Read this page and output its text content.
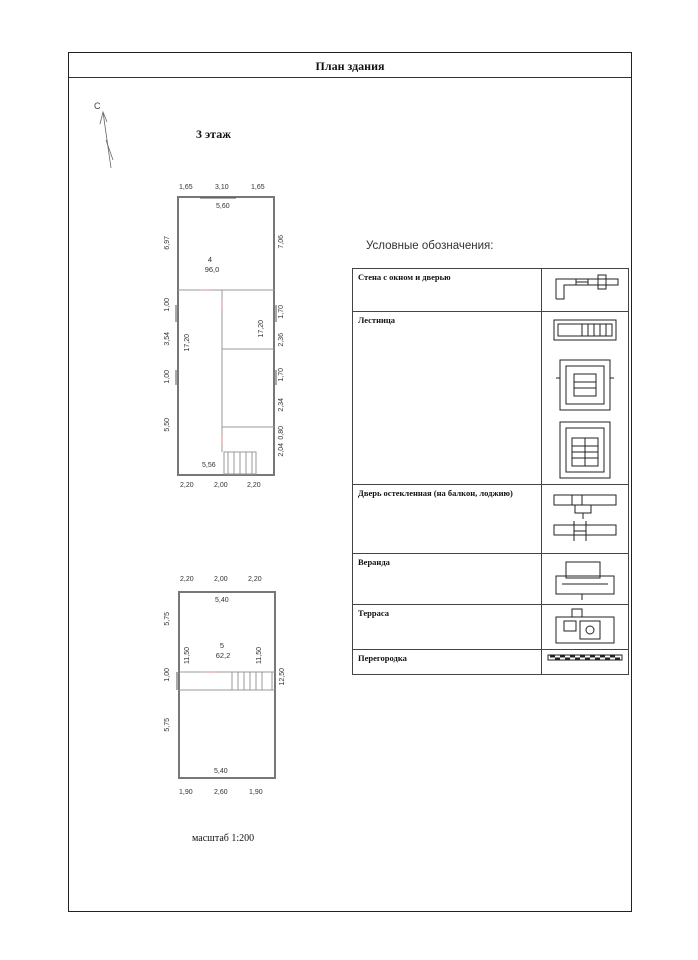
План здания
С
3 этаж
1,65	3,10	1,65
5,60
6,97
1,00
3,54
1,00
5,50
17,20
7,06
1,70
2,36
1,70
2,34
0,80
2,04
17,20
4
96,0
5,56
2,20	2,00	2,20
2,20	2,00	2,20
5,40
5,75
1,00
5,75
11,50	11,50
12,50
5
62,2
5,40
1,90	2,60	1,90
Условные обозначения:
Стена с окном и дверью	

Лестница	

Дверь остекленная (на балкон, лоджию)	

Веранда	

Терраса	

Перегородка	
масштаб 1:200
